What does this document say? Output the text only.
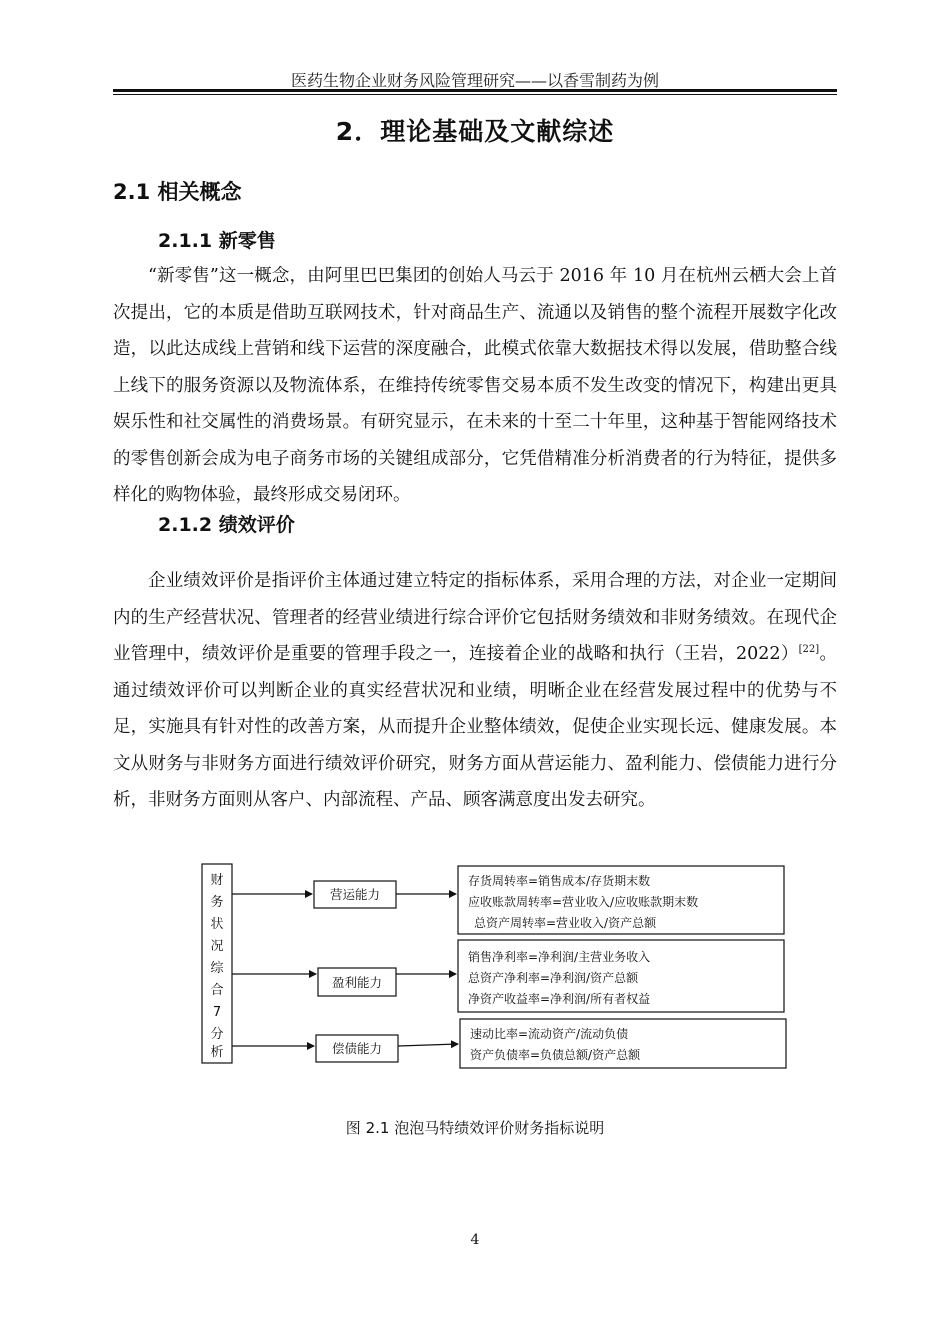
医药生物企业财务风险管理研究——以香雪制药为例
2．理论基础及文献综述
2.1 相关概念
2.1.1 新零售

“新零售”这一概念，由阿里巴巴集团的创始人马云于 2016 年 10 月在杭州云栖大会上首次提出，它的本质是借助互联网技术，针对商品生产、流通以及销售的整个流程开展数字化改造，以此达成线上营销和线下运营的深度融合，此模式依靠大数据技术得以发展，借助整合线上线下的服务资源以及物流体系，在维持传统零售交易本质不发生改变的情况下，构建出更具娱乐性和社交属性的消费场景。有研究显示，在未来的十至二十年里，这种基于智能网络技术的零售创新会成为电子商务市场的关键组成部分，它凭借精准分析消费者的行为特征，提供多样化的购物体验，最终形成交易闭环。

2.1.2 绩效评价

企业绩效评价是指评价主体通过建立特定的指标体系，采用合理的方法，对企业一定期间内的生产经营状况、管理者的经营业绩进行综合评价它包括财务绩效和非财务绩效。在现代企业管理中，绩效评价是重要的管理手段之一，连接着企业的战略和执行（王岩，2022）[22]。通过绩效评价可以判断企业的真实经营状况和业绩，明晰企业在经营发展过程中的优势与不足，实施具有针对性的改善方案，从而提升企业整体绩效，促使企业实现长远、健康发展。本文从财务与非财务方面进行绩效评价研究，财务方面从营运能力、盈利能力、偿债能力进行分析，非财务方面则从客户、内部流程、产品、顾客满意度出发去研究。

财
务
状
况
综
合
7
分
析
营运能力
存货周转率=销售成本/存货期末数
应收账款周转率=营业收入/应收账款期末数
总资产周转率=营业收入/资产总额
盈利能力
销售净利率=净利润/主营业务收入
总资产净利率=净利润/资产总额
净资产收益率=净利润/所有者权益
偿债能力
速动比率=流动资产/流动负债
资产负债率=负债总额/资产总额
图 2.1 泡泡马特绩效评价财务指标说明
4
